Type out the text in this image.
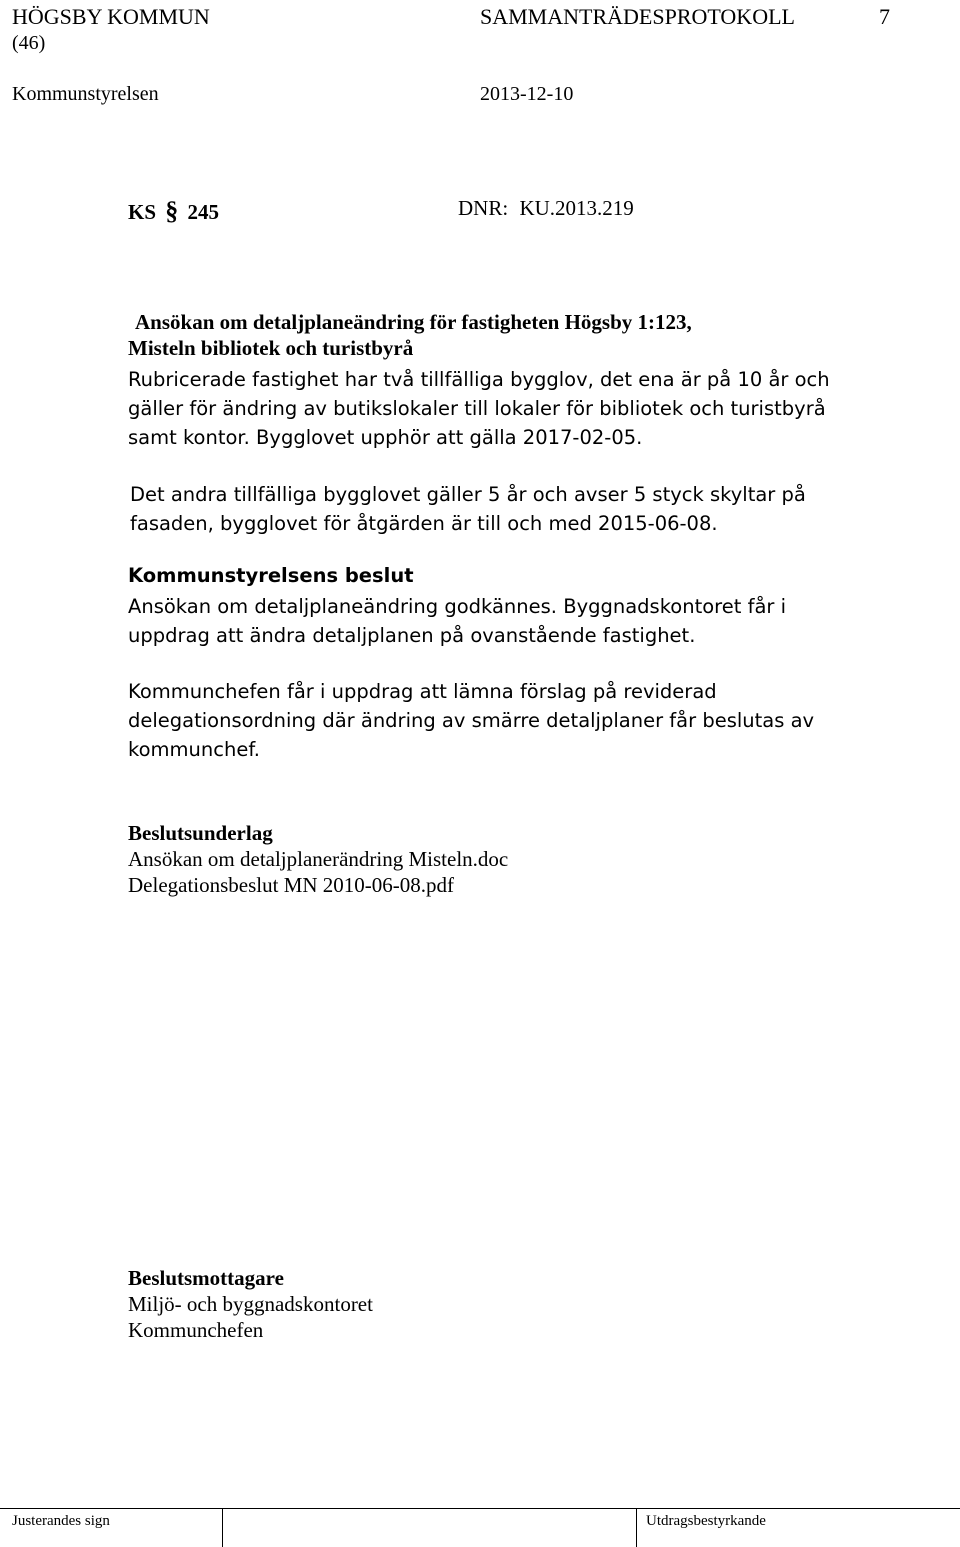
HÖGSBY KOMMUN	SAMMANTRÄDESPROTOKOLL	7
(46)
Kommunstyrelsen	2013-12-10
KS § 245	DNR: KU.2013.219
Ansökan om detaljplaneändring för fastigheten Högsby 1:123,
Misteln bibliotek och turistbyrå
Rubricerade fastighet har två tillfälliga bygglov, det ena är på 10 år och gäller för ändring av butikslokaler till lokaler för bibliotek och turistbyrå samt kontor. Bygglovet upphör att gälla 2017-02-05.
Det andra tillfälliga bygglovet gäller 5 år och avser 5 styck skyltar på fasaden, bygglovet för åtgärden är till och med 2015-06-08.
Kommunstyrelsens beslut
Ansökan om detaljplaneändring godkännes. Byggnadskontoret får i uppdrag att ändra detaljplanen på ovanstående fastighet.
Kommunchefen får i uppdrag att lämna förslag på reviderad delegationsordning där ändring av smärre detaljplaner får beslutas av kommunchef.
Beslutsunderlag
Ansökan om detaljplanerändring Misteln.doc
Delegationsbeslut MN 2010-06-08.pdf
Beslutsmottagare
Miljö- och byggnadskontoret
Kommunchefen
Justerandes sign	Utdragsbestyrkande
